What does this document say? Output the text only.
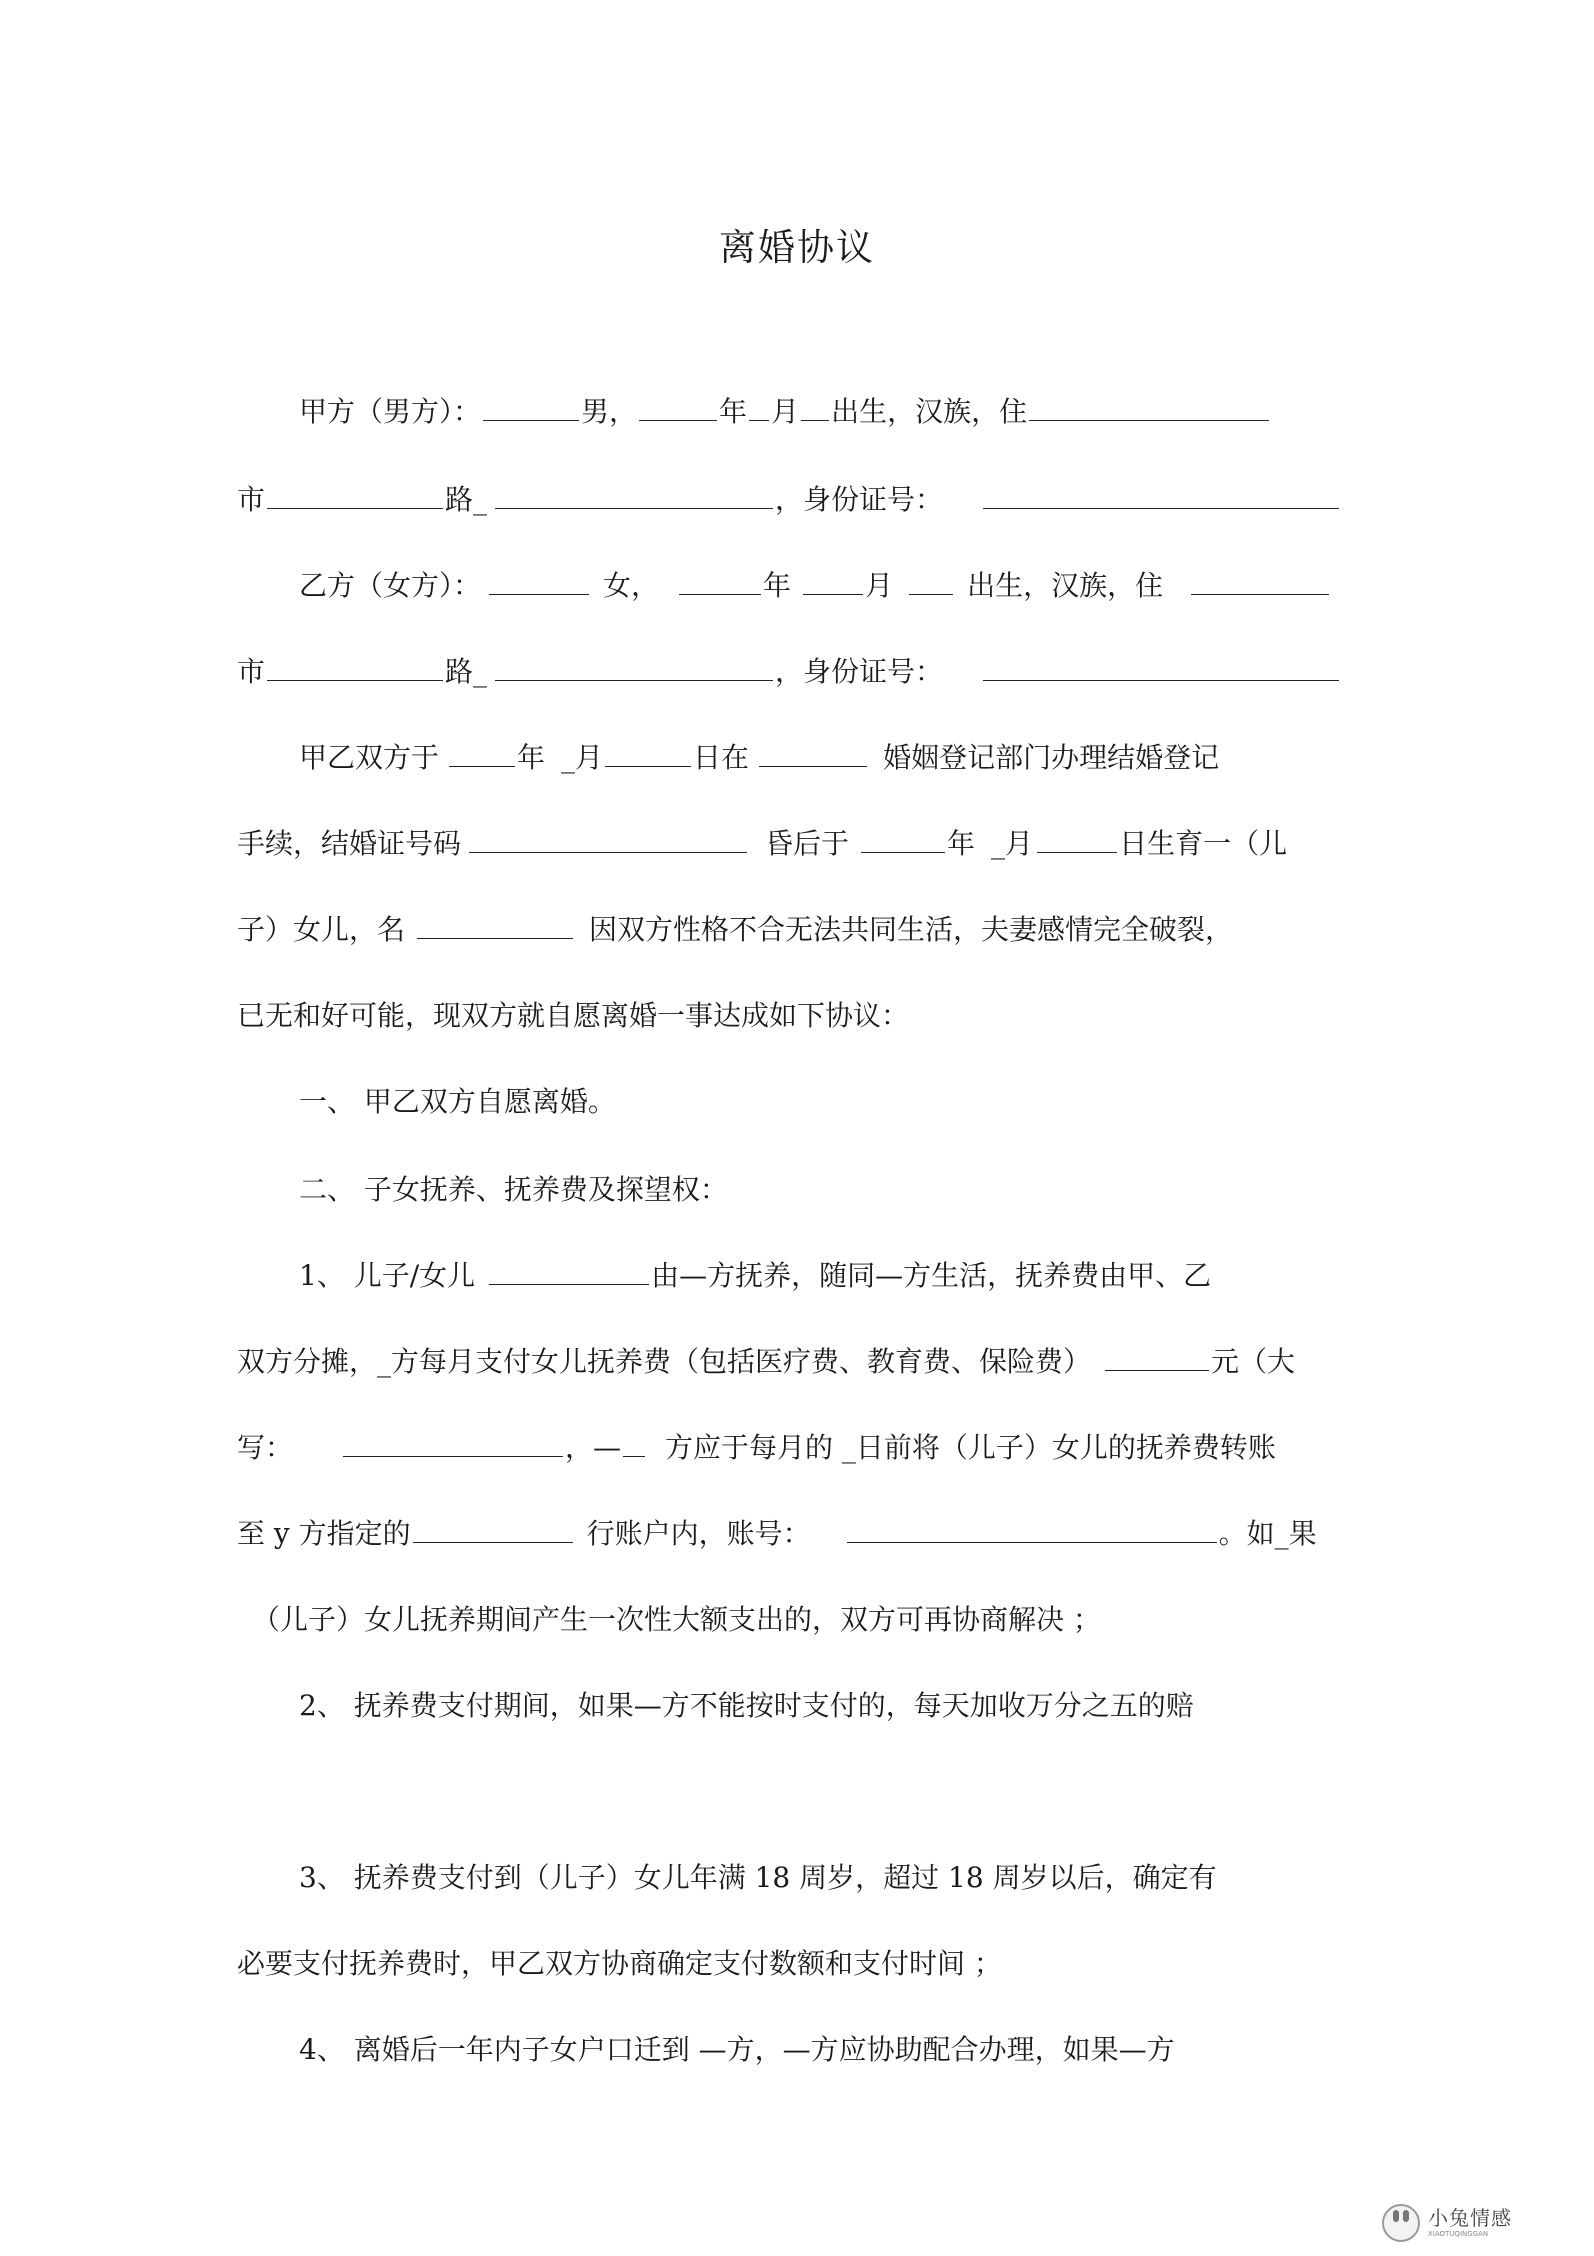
离婚协议
甲方（男方）：	男，	年 月 出生，汉族，住
市	路_	，身份证号：
乙方（女方）：	女，	年	月	出生，汉族，住
市	路_	，身份证号：
甲乙双方于	年 _月	日在	婚姻登记部门办理结婚登记
手续，结婚证号码	昏后于	年 _月	日生育一（儿
子）女儿，名	因双方性格不合无法共同生活，夫妻感情完全破裂，
已无和好可能，现双方就自愿离婚一事达成如下协议：
一、 甲乙双方自愿离婚。
二、 子女抚养、抚养费及探望权：
1、 儿子/女儿	由—方抚养，随同—方生活，抚养费由甲、乙
双方分摊，_方每月支付女儿抚养费（包括医疗费、教育费、保险费）	元（大
写：	，— 方应于每月的 _日前将（儿子）女儿的抚养费转账
至 y 方指定的	行账户内，账号：	。如_果
（儿子）女儿抚养期间产生一次性大额支出的，双方可再协商解决 ；
2、 抚养费支付期间，如果—方不能按时支付的，每天加收万分之五的赔
3、 抚养费支付到（儿子）女儿年满 18 周岁，超过 18 周岁以后，确定有
必要支付抚养费时，甲乙双方协商确定支付数额和支付时间 ；
4、 离婚后一年内子女户口迁到 —方，—方应协助配合办理，如果—方
小兔情感
XIAOTUQINGGAN
